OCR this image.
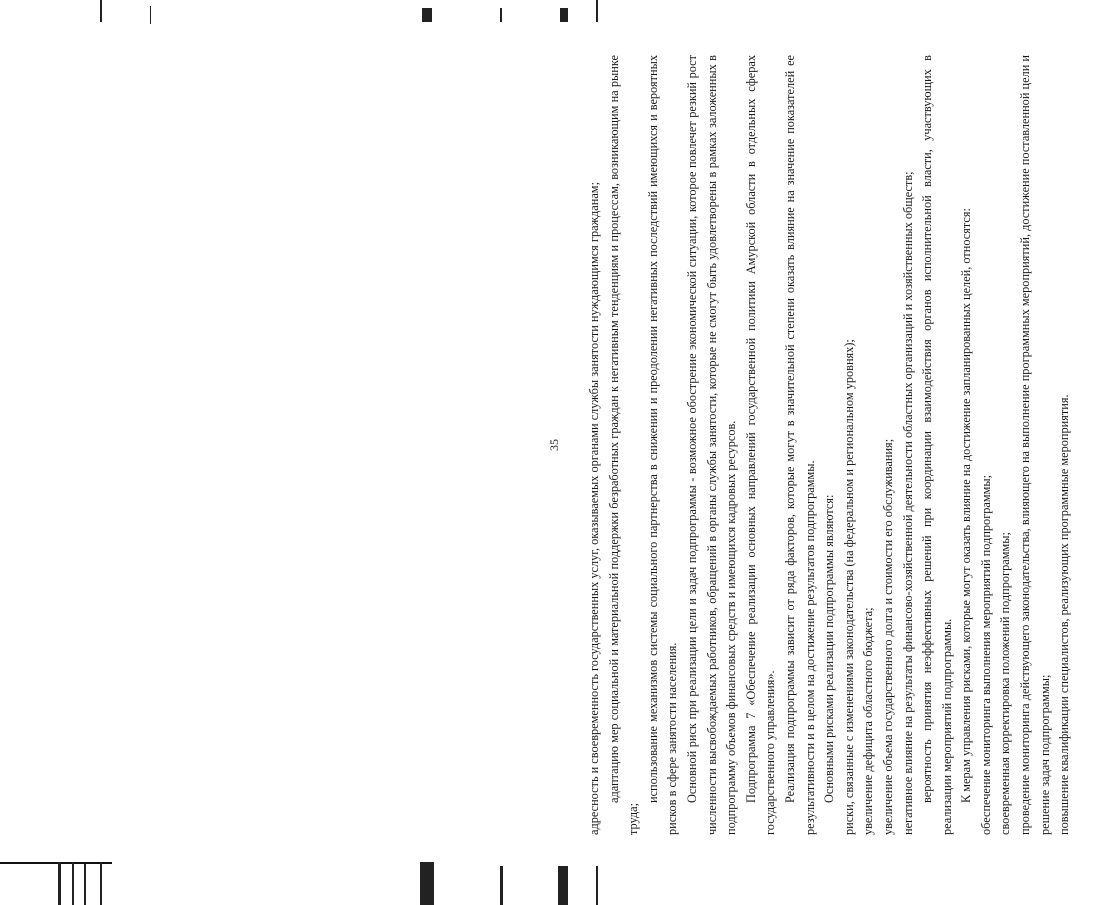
35 адресность и своевременность государственных услуг, оказываемых органами службы занятости нуждающимся гражданам; адаптацию мер социальной и материальной поддержки безработных граждан к негативным тенденциям и процессам, возникающим на рынке труда;

использование механизмов системы социального партнерства в снижении и преодолении негативных последствий имеющихся и вероятных рисков в сфере занятости населения. Основной риск при реализации цели и задач подпрограммы - возможное обострение экономической ситуации, которое повлечет резкий рост численности высвобождаемых работников, обращений в органы службы занятости, которые не смогут быть удовлетворены в рамках заложенных в подпрограмму объемов финансовых средств и имеющихся кадровых ресурсов. Подпрограмма 7 «Обеспечение реализации основных направлений государственной политики Амурской области в отдельных сферах государственного управления». Реализация подпрограммы зависит от ряда факторов, которые могут в значительной степени оказать влияние на значение показателей ее результативности и в целом на достижение результатов подпрограммы. Основными рисками реализации подпрограммы являются: риски, связанные с изменениями законодательства (на федеральном и региональном уровнях); увеличение дефицита областного бюджета; увеличение объема государственного долга и стоимости его обслуживания; негативное влияние на результаты финансово-хозяйственной деятельности областных организаций и хозяйственных обществ; вероятность принятия неэффективных решений при координации взаимодействия органов исполнительной власти, участвующих в реализации мероприятий подпрограммы. К мерам управления рисками, которые могут оказать влияние на достижение запланированных целей, относятся: обеспечение мониторинга выполнения мероприятий подпрограммы; своевременная корректировка положений подпрограммы; проведение мониторинга действующего законодательства, влияющего на выполнение программных мероприятий, достижение поставленной цели и решение задач подпрограммы; повышение квалификации специалистов, реализующих программные мероприятия.
